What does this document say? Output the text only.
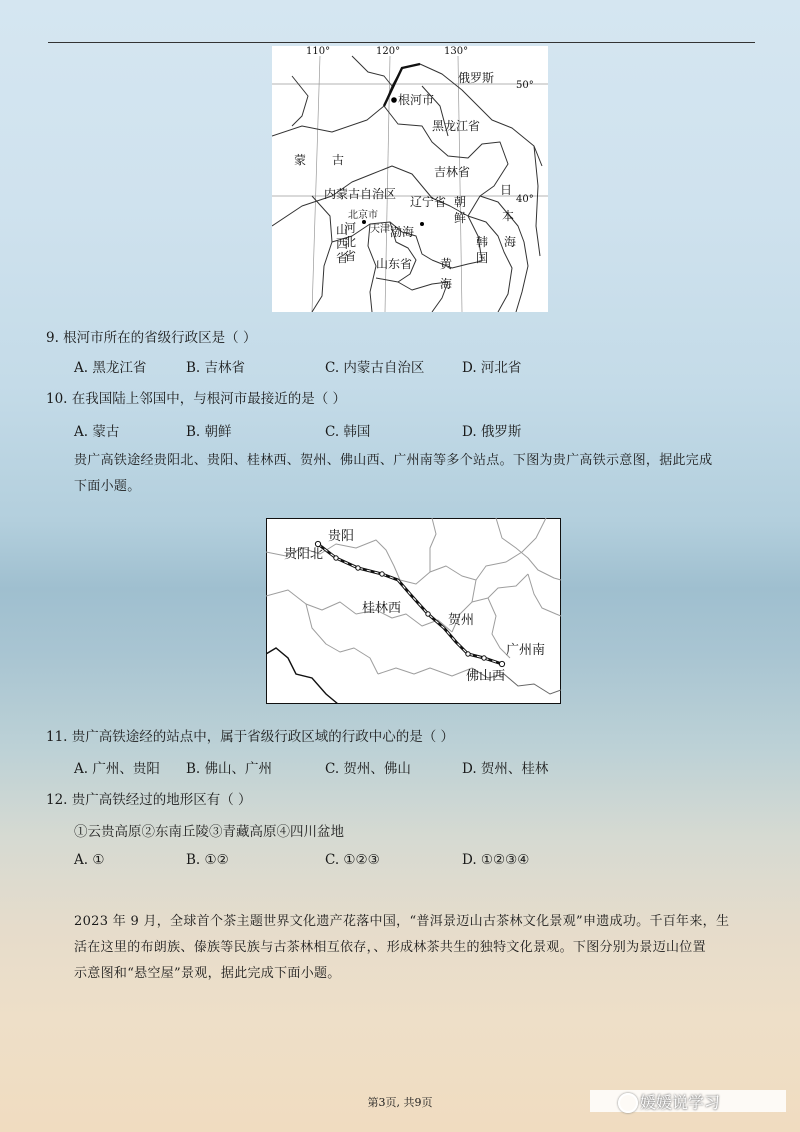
110°	120°	130°
50°
40°
根河市
俄罗斯
黑龙江省
吉林省
辽宁省
蒙 古
内蒙古自治区
北京市
天津
河
北
省
山
西
省 山东省
渤海
朝
鲜
韩
国
日
本
海
黄
海
9. 根河市所在的省级行政区是（ ）
A. 黑龙江省	B. 吉林省	C. 内蒙古自治区	D. 河北省
10. 在我国陆上邻国中，与根河市最接近的是（ ）
A. 蒙古	B. 朝鲜	C. 韩国	D. 俄罗斯
贵广高铁途经贵阳北、贵阳、桂林西、贺州、佛山西、广州南等多个站点。下图为贵广高铁示意图，据此完成
下面小题。
贵阳
贵阳北
桂林西
贺州
广州南
佛山西
11. 贵广高铁途经的站点中，属于省级行政区域的行政中心的是（ ）
A. 广州、贵阳 B. 佛山、广州	C. 贺州、佛山	D. 贺州、桂林
12. 贵广高铁经过的地形区有（ ）
①云贵高原②东南丘陵③青藏高原④四川盆地
A. ①	B. ①②	C. ①②③	D. ①②③④
2023 年 9 月，全球首个茶主题世界文化遗产花落中国，“普洱景迈山古茶林文化景观”申遗成功。千百年来，生
活在这里的布朗族、傣族等民族与古茶林相互依存，、形成林茶共生的独特文化景观。下图分别为景迈山位置
示意图和“悬空屋”景观，据此完成下面小题。
第3页, 共9页	媛媛说学习
